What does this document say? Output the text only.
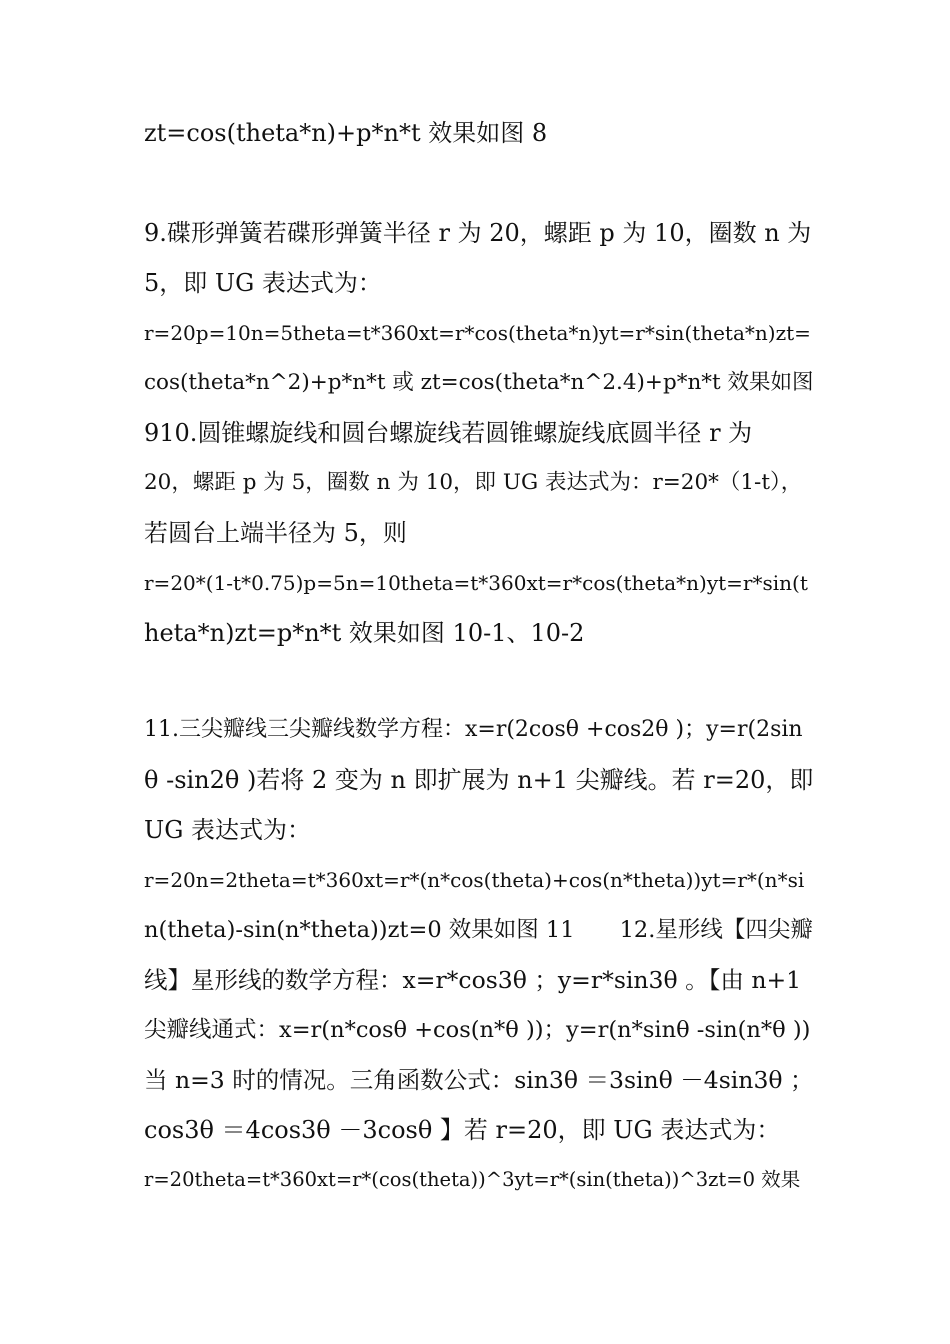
zt=cos(theta*n)+p*n*t 效果如图 8
9.碟形弹簧若碟形弹簧半径 r 为 20，螺距 p 为 10，圈数 n 为
5，即 UG 表达式为：
r=20p=10n=5theta=t*360xt=r*cos(theta*n)yt=r*sin(theta*n)zt=
cos(theta*n^2)+p*n*t 或 zt=cos(theta*n^2.4)+p*n*t 效果如图
910.圆锥螺旋线和圆台螺旋线若圆锥螺旋线底圆半径 r 为
20，螺距 p 为 5，圈数 n 为 10，即 UG 表达式为：r=20*（1-t），
若圆台上端半径为 5，则
r=20*(1-t*0.75)p=5n=10theta=t*360xt=r*cos(theta*n)yt=r*sin(t
heta*n)zt=p*n*t 效果如图 10-1、10-2
11.三尖瓣线三尖瓣线数学方程：x=r(2cosθ +cos2θ )；y=r(2sin
θ -sin2θ )若将 2 变为 n 即扩展为 n+1 尖瓣线。若 r=20，即
UG 表达式为：
r=20n=2theta=t*360xt=r*(n*cos(theta)+cos(n*theta))yt=r*(n*si
n(theta)-sin(n*theta))zt=0 效果如图 11　　12.星形线【四尖瓣
线】星形线的数学方程：x=r*cos3θ ；y=r*sin3θ 。【由 n+1
尖瓣线通式：x=r(n*cosθ +cos(n*θ ))；y=r(n*sinθ -sin(n*θ ))
当 n=3 时的情况。三角函数公式：sin3θ ＝3sinθ －4sin3θ ；
cos3θ ＝4cos3θ －3cosθ 】若 r=20，即 UG 表达式为：
r=20theta=t*360xt=r*(cos(theta))^3yt=r*(sin(theta))^3zt=0 效果
